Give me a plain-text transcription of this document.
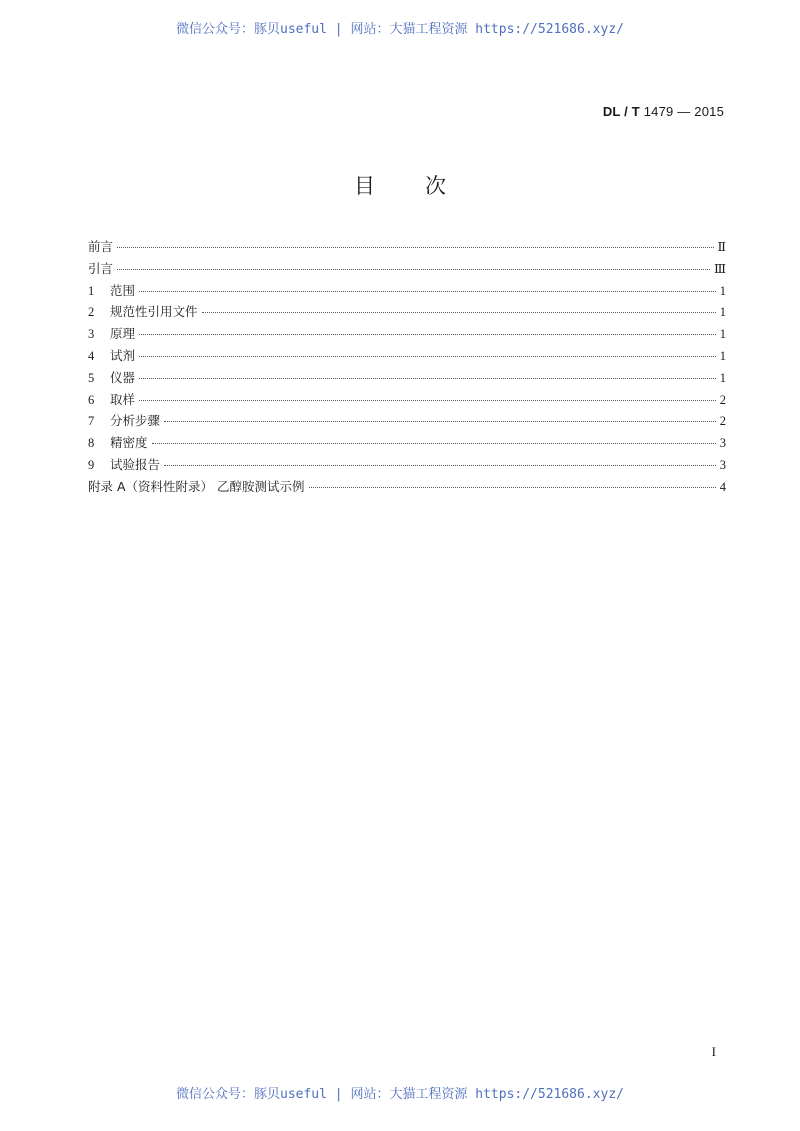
微信公众号：豚贝useful | 网站：大猫工程资源 https://521686.xyz/
DL / T 1479 — 2015
目次
前言	Ⅱ
引言	Ⅲ
1 范围	1
2 规范性引用文件	1
3 原理	1
4 试剂	1
5 仪器	1
6 取样	2
7 分析步骤	2
8 精密度	3
9 试验报告	3
附录 A（资料性附录） 乙醇胺测试示例	4
I
微信公众号：豚贝useful | 网站：大猫工程资源 https://521686.xyz/
